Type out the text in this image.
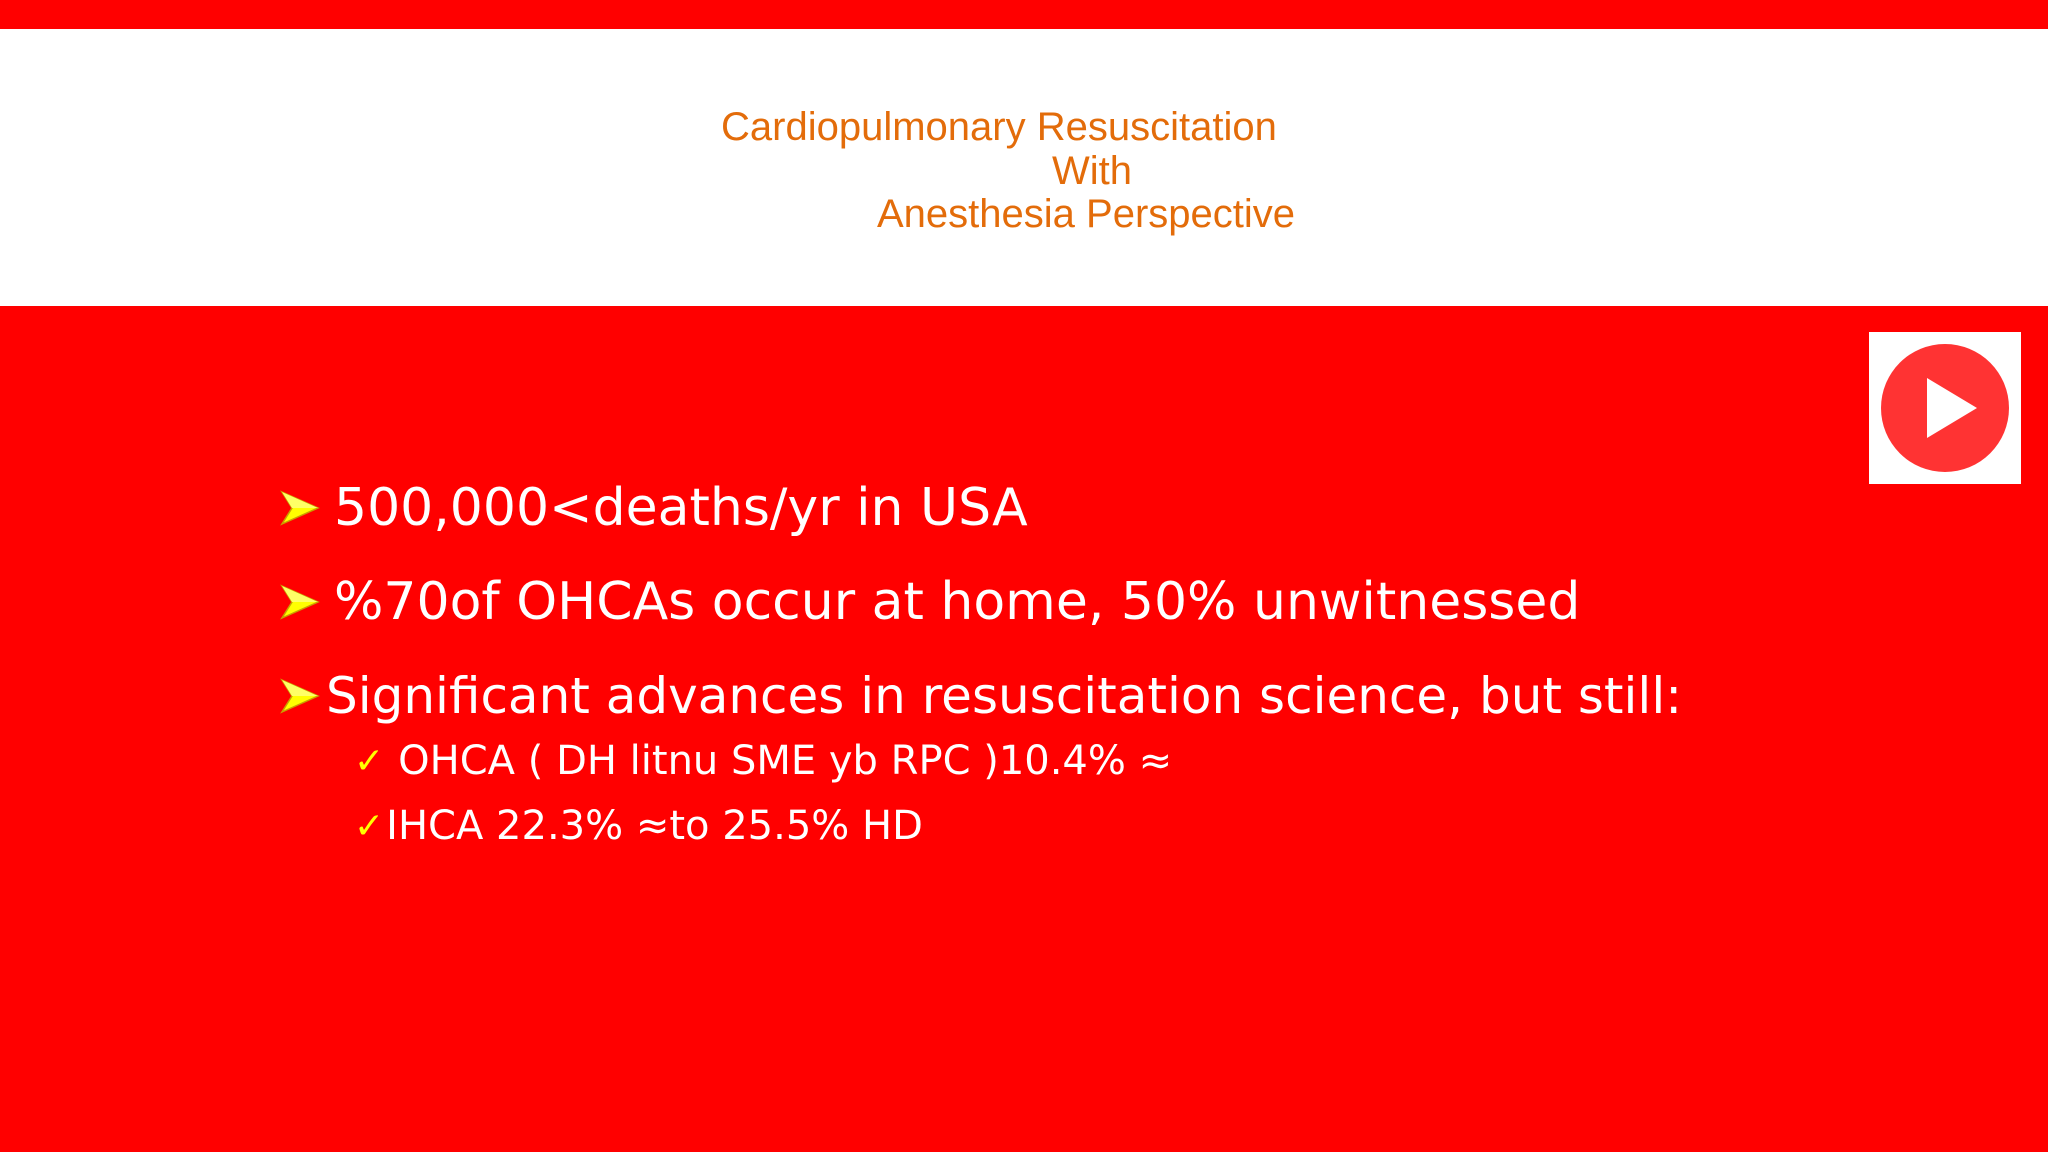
Cardiopulmonary Resuscitation
With
Anesthesia Perspective
500,000<deaths/yr in USA
%70of OHCAs occur at home, 50% unwitnessed
Significant advances in resuscitation science, but still:
✓ OHCA ( DH litnu SME yb RPC )10.4% ≈
✓ IHCA 22.3% ≈to 25.5% HD
